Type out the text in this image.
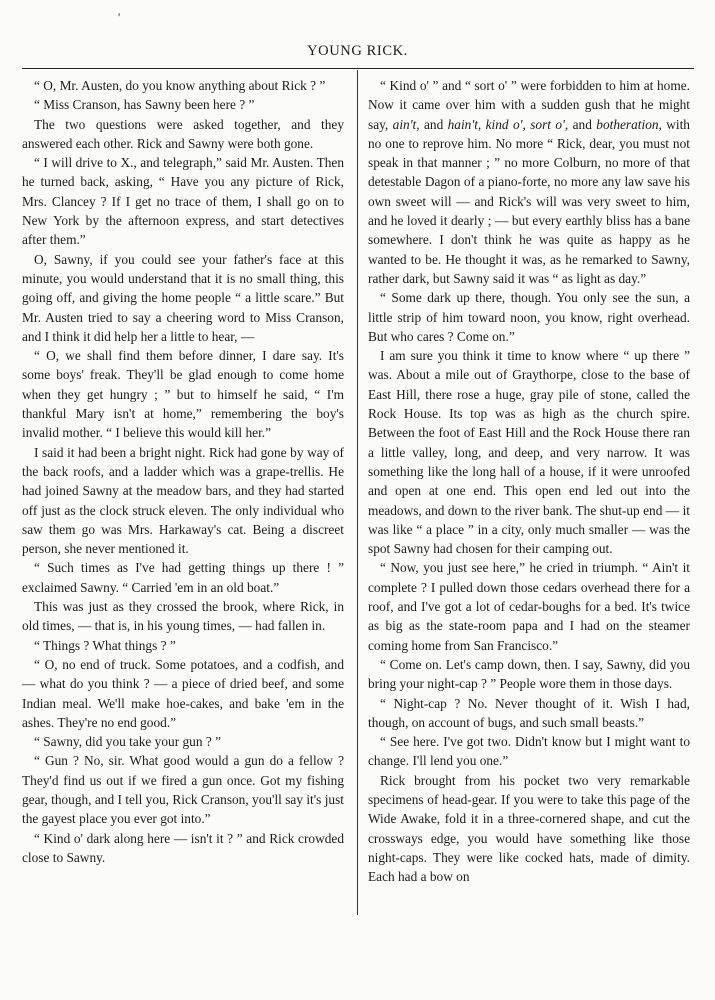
'
YOUNG RICK.

“ O, Mr. Austen, do you know anything about Rick ? ”

“ Miss Cranson, has Sawny been here ? ”

The two questions were asked together, and they answered each other. Rick and Sawny were both gone.

“ I will drive to X., and telegraph,” said Mr. Austen. Then he turned back, asking, “ Have you any picture of Rick, Mrs. Clancey ? If I get no trace of them, I shall go on to New York by the afternoon express, and start detectives after them.”

O, Sawny, if you could see your father's face at this minute, you would understand that it is no small thing, this going off, and giving the home people “ a little scare.” But Mr. Austen tried to say a cheering word to Miss Cranson, and I think it did help her a little to hear, —

“ O, we shall find them before dinner, I dare say. It's some boys' freak. They'll be glad enough to come home when they get hungry ; ” but to himself he said, “ I'm thankful Mary isn't at home,” remembering the boy's invalid mother. “ I believe this would kill her.”

I said it had been a bright night. Rick had gone by way of the back roofs, and a ladder which was a grape-trellis. He had joined Sawny at the meadow bars, and they had started off just as the clock struck eleven. The only individual who saw them go was Mrs. Harkaway's cat. Being a discreet person, she never mentioned it.

“ Such times as I've had getting things up there ! ” exclaimed Sawny. “ Carried 'em in an old boat.”

This was just as they crossed the brook, where Rick, in old times, — that is, in his young times, — had fallen in.

“ Things ? What things ? ”

“ O, no end of truck. Some potatoes, and a codfish, and — what do you think ? — a piece of dried beef, and some Indian meal. We'll make hoe-cakes, and bake 'em in the ashes. They're no end good.”

“ Sawny, did you take your gun ? ”

“ Gun ? No, sir. What good would a gun do a fellow ? They'd find us out if we fired a gun once. Got my fishing gear, though, and I tell you, Rick Cranson, you'll say it's just the gayest place you ever got into.”

“ Kind o' dark along here — isn't it ? ” and Rick crowded close to Sawny.

“ Kind o' ” and “ sort o' ” were forbidden to him at home. Now it came over him with a sudden gush that he might say, ain't, and hain't, kind o', sort o', and botheration, with no one to reprove him. No more “ Rick, dear, you must not speak in that manner ; ” no more Colburn, no more of that detestable Dagon of a piano-forte, no more any law save his own sweet will — and Rick's will was very sweet to him, and he loved it dearly ; — but every earthly bliss has a bane somewhere. I don't think he was quite as happy as he wanted to be. He thought it was, as he remarked to Sawny, rather dark, but Sawny said it was “ as light as day.”

“ Some dark up there, though. You only see the sun, a little strip of him toward noon, you know, right overhead. But who cares ? Come on.”

I am sure you think it time to know where “ up there ” was. About a mile out of Graythorpe, close to the base of East Hill, there rose a huge, gray pile of stone, called the Rock House. Its top was as high as the church spire. Between the foot of East Hill and the Rock House there ran a little valley, long, and deep, and very narrow. It was something like the long hall of a house, if it were unroofed and open at one end. This open end led out into the meadows, and down to the river bank. The shut-up end — it was like “ a place ” in a city, only much smaller — was the spot Sawny had chosen for their camping out.

“ Now, you just see here,” he cried in triumph. “ Ain't it complete ? I pulled down those cedars overhead there for a roof, and I've got a lot of cedar-boughs for a bed. It's twice as big as the state-room papa and I had on the steamer coming home from San Francisco.”

“ Come on. Let's camp down, then. I say, Sawny, did you bring your night-cap ? ” People wore them in those days.

“ Night-cap ? No. Never thought of it. Wish I had, though, on account of bugs, and such small beasts.”

“ See here. I've got two. Didn't know but I might want to change. I'll lend you one.”

Rick brought from his pocket two very remarkable specimens of head-gear. If you were to take this page of the Wide Awake, fold it in a three-cornered shape, and cut the crossways edge, you would have something like those night-caps. They were like cocked hats, made of dimity. Each had a bow on
